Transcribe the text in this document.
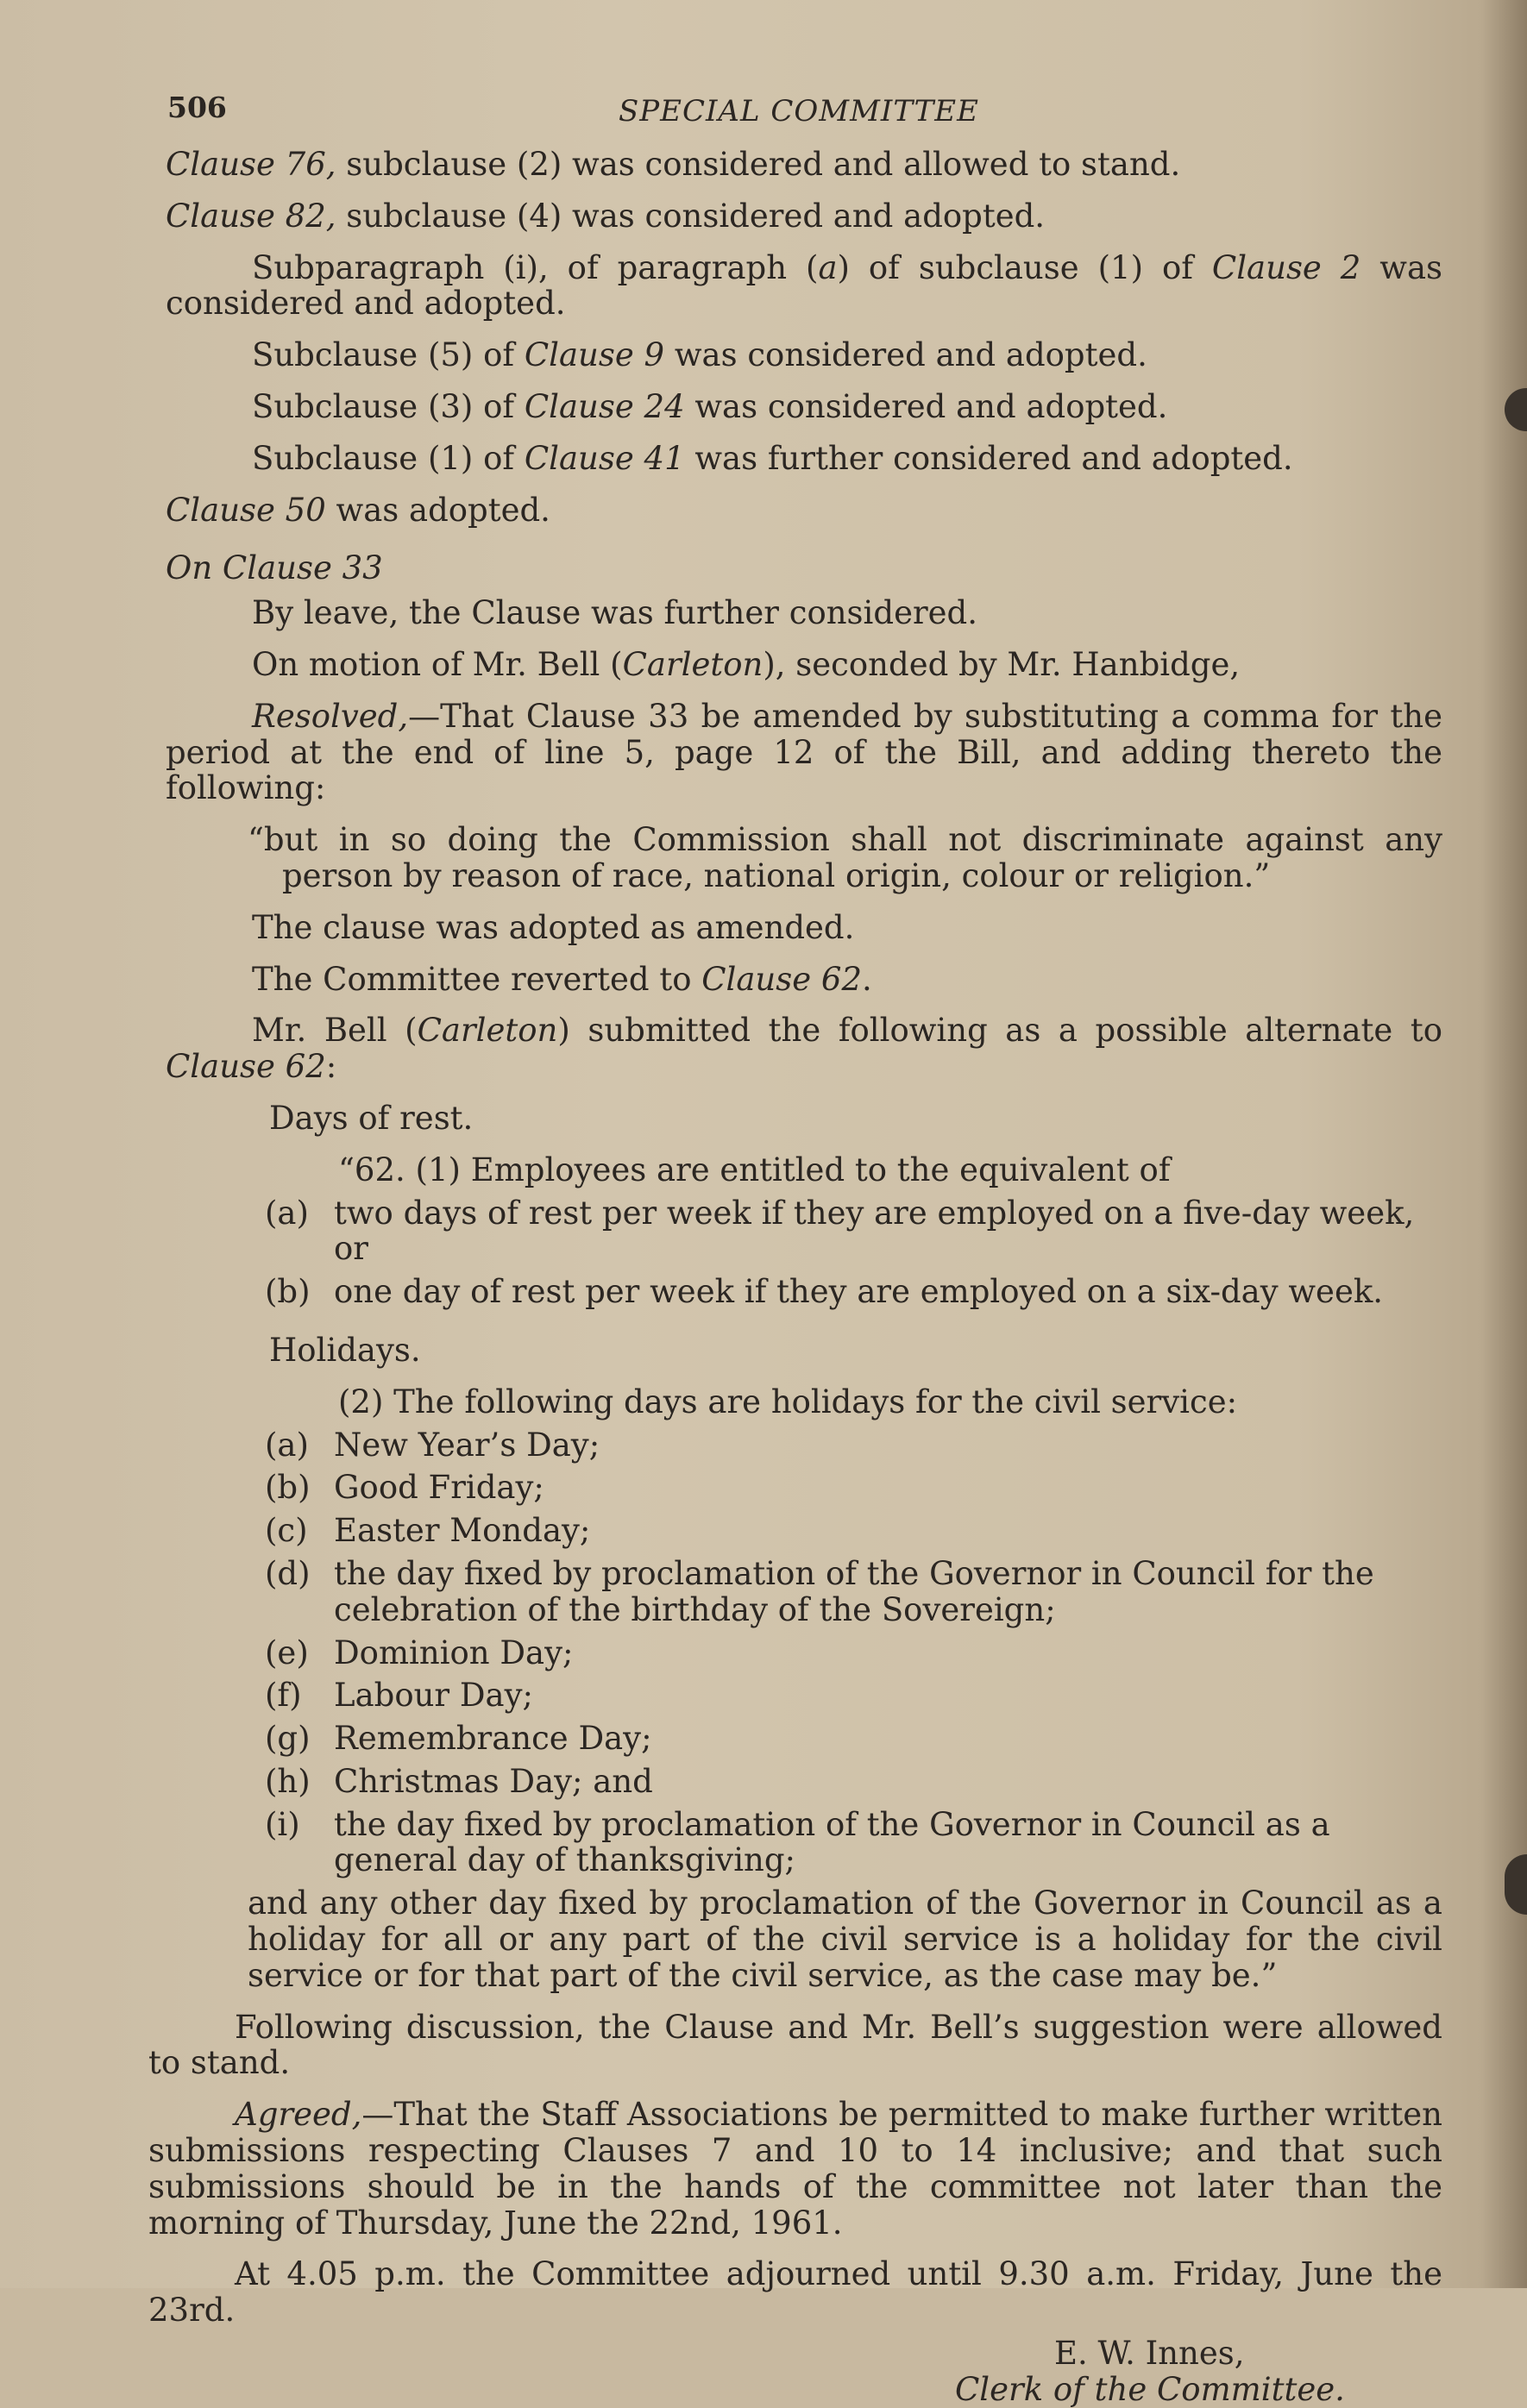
506	SPECIAL COMMITTEE

Clause 76, subclause (2) was considered and allowed to stand.

Clause 82, subclause (4) was considered and adopted.

Subparagraph (i), of paragraph (a) of subclause (1) of Clause 2 was considered and adopted.

Subclause (5) of Clause 9 was considered and adopted.

Subclause (3) of Clause 24 was considered and adopted.

Subclause (1) of Clause 41 was further considered and adopted.

Clause 50 was adopted.

On Clause 33

By leave, the Clause was further considered.

On motion of Mr. Bell (Carleton), seconded by Mr. Hanbidge,

Resolved,—That Clause 33 be amended by substituting a comma for the period at the end of line 5, page 12 of the Bill, and adding thereto the following:

“but in so doing the Commission shall not discriminate against any person by reason of race, national origin, colour or religion.”

The clause was adopted as amended.

The Committee reverted to Clause 62.

Mr. Bell (Carleton) submitted the following as a possible alternate to Clause 62:

Days of rest.

“62. (1) Employees are entitled to the equivalent of

(a) two days of rest per week if they are employed on a five-day week, or
(b) one day of rest per week if they are employed on a six-day week.

Holidays.

(2) The following days are holidays for the civil service:

(a) New Year’s Day;
(b) Good Friday;
(c) Easter Monday;
(d) the day fixed by proclamation of the Governor in Council for the celebration of the birthday of the Sovereign;
(e) Dominion Day;
(f) Labour Day;
(g) Remembrance Day;
(h) Christmas Day; and
(i) the day fixed by proclamation of the Governor in Council as a general day of thanksgiving;

and any other day fixed by proclamation of the Governor in Council as a holiday for all or any part of the civil service is a holiday for the civil service or for that part of the civil service, as the case may be.”

Following discussion, the Clause and Mr. Bell’s suggestion were allowed to stand.

Agreed,—That the Staff Associations be permitted to make further written submissions respecting Clauses 7 and 10 to 14 inclusive; and that such submissions should be in the hands of the committee not later than the morning of Thursday, June the 22nd, 1961.

At 4.05 p.m. the Committee adjourned until 9.30 a.m. Friday, June the 23rd.

E. W. Innes,

Clerk of the Committee.
